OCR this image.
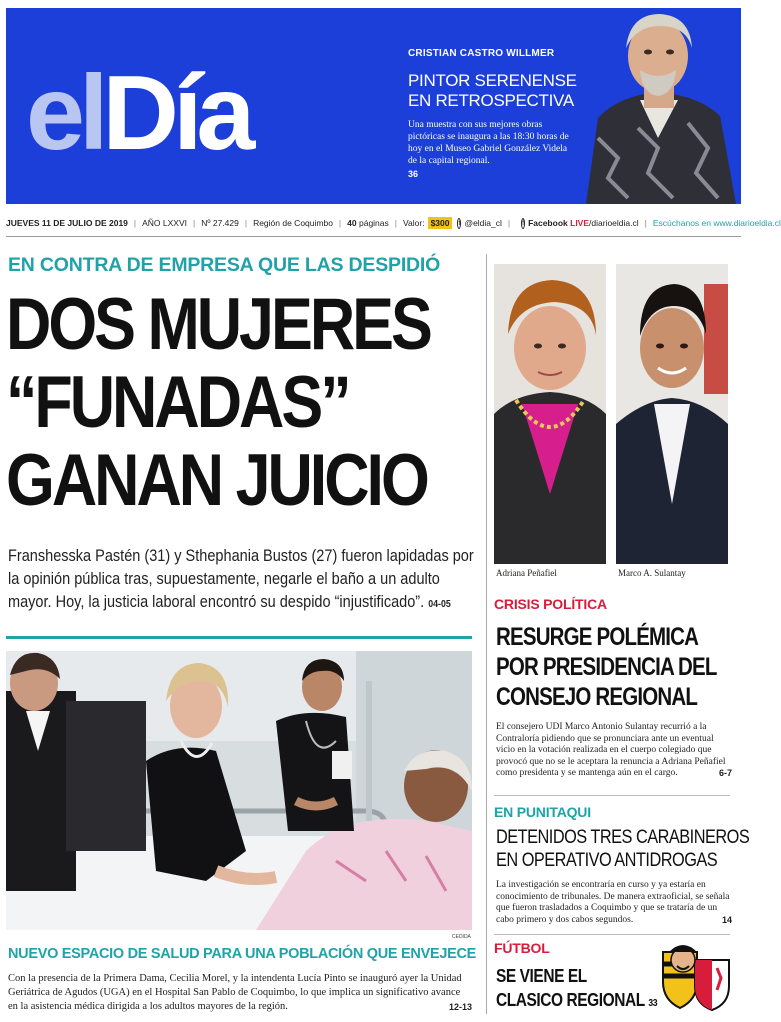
elDía
CRISTIAN CASTRO WILLMER
PINTOR SERENENSE
EN RETROSPECTIVA
Una muestra con sus mejores obras pictóricas se inaugura a las 18:30 horas de hoy en el Museo Gabriel González Videla de la capital regional.
36
JUEVES 11 DE JULIO DE 2019 | AÑO LXXVI | Nº 27.429 | Región de Coquimbo | 40
páginas | Valor: $300	t @eldia_cl | f Facebook
LIVE /diarioeldia.cl | Escúchanos en www.diarioeldia.cl
EN CONTRA DE EMPRESA QUE LAS DESPIDIÓ
DOS MUJERES
“FUNADAS”
GANAN JUICIO
Franshesska Pastén (31) y Sthephania Bustos (27) fueron lapidadas por la opinión pública tras, supuestamente, negarle el baño a un adulto mayor. Hoy, la justicia laboral encontró su despido “injustificado”. 04-05
CEDIDA
NUEVO ESPACIO DE SALUD PARA UNA POBLACIÓN QUE ENVEJECE
Con la presencia de la Primera Dama, Cecilia Morel, y la intendenta Lucía Pinto se inauguró ayer la Unidad Geriátrica de Agudos (UGA) en el Hospital San Pablo de Coquimbo, lo que implica un significativo avance en la asistencia médica dirigida a los adultos mayores de la región.	12-13
Adriana Peñafiel	Marco A. Sulantay
CRISIS POLÍTICA
RESURGE POLÉMICA
POR PRESIDENCIA DEL
CONSEJO REGIONAL
El consejero UDI Marco Antonio Sulantay recurrió a la Contraloría pidiendo que se pronunciara ante un eventual vicio en la votación realizada en el cuerpo colegiado que provocó que no se le aceptara la renuncia a Adriana Peñafiel como presidenta y se mantenga aún en el cargo.	6-7
EN PUNITAQUI
DETENIDOS TRES CARABINEROS
EN OPERATIVO ANTIDROGAS
La investigación se encontraría en curso y ya estaría en conocimiento de tribunales. De manera extraoficial, se señala que fueron trasladados a Coquimbo y que se trataría de un cabo primero y dos cabos segundos.	14
FÚTBOL
SE VIENE EL
CLASICO REGIONAL 33
